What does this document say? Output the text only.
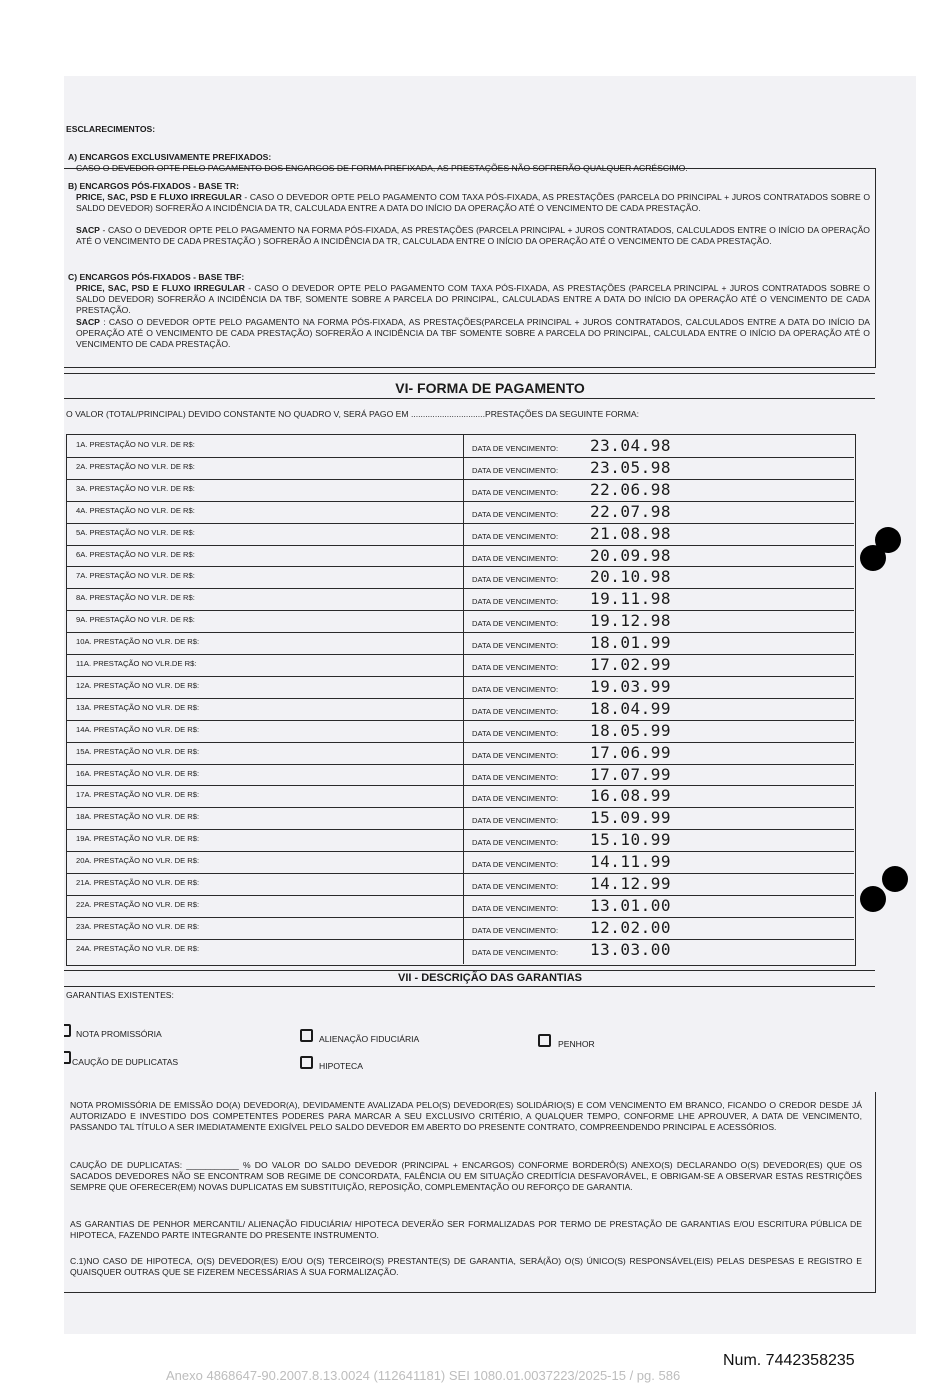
ESCLARECIMENTOS:
A) ENCARGOS EXCLUSIVAMENTE PREFIXADOS:
CASO O DEVEDOR OPTE PELO PAGAMENTO DOS ENCARGOS DE FORMA PREFIXADA, AS PRESTAÇÕES NÃO SOFRERÃO QUALQUER ACRÉSCIMO.
B) ENCARGOS PÓS-FIXADOS - BASE TR:
PRICE, SAC, PSD E FLUXO IRREGULAR - CASO O DEVEDOR OPTE PELO PAGAMENTO COM TAXA PÓS-FIXADA, AS PRESTAÇÕES (PARCELA DO PRINCIPAL + JUROS CONTRATADOS SOBRE O SALDO DEVEDOR) SOFRERÃO A INCIDÊNCIA DA TR, CALCULADA ENTRE A DATA DO INÍCIO DA OPERAÇÃO ATÉ O VENCIMENTO DE CADA PRESTAÇÃO.
SACP - CASO O DEVEDOR OPTE PELO PAGAMENTO NA FORMA PÓS-FIXADA, AS PRESTAÇÕES (PARCELA PRINCIPAL + JUROS CONTRATADOS, CALCULADOS ENTRE O INÍCIO DA OPERAÇÃO ATÉ O VENCIMENTO DE CADA PRESTAÇÃO ) SOFRERÃO A INCIDÊNCIA DA TR, CALCULADA ENTRE O INÍCIO DA OPERAÇÃO ATÉ O VENCIMENTO DE CADA PRESTAÇÃO.
C) ENCARGOS PÓS-FIXADOS - BASE TBF:
PRICE, SAC, PSD E FLUXO IRREGULAR - CASO O DEVEDOR OPTE PELO PAGAMENTO COM TAXA PÓS-FIXADA, AS PRESTAÇÕES (PARCELA PRINCIPAL + JUROS CONTRATADOS SOBRE O SALDO DEVEDOR) SOFRERÃO A INCIDÊNCIA DA TBF, SOMENTE SOBRE A PARCELA DO PRINCIPAL, CALCULADAS ENTRE A DATA DO INÍCIO DA OPERAÇÃO ATÉ O VENCIMENTO DE CADA PRESTAÇÃO.
SACP : CASO O DEVEDOR OPTE PELO PAGAMENTO NA FORMA PÓS-FIXADA, AS PRESTAÇÕES(PARCELA PRINCIPAL + JUROS CONTRATADOS, CALCULADOS ENTRE A DATA DO INÍCIO DA OPERAÇÃO ATÉ O VENCIMENTO DE CADA PRESTAÇÃO) SOFRERÃO A INCIDÊNCIA DA TBF SOMENTE SOBRE A PARCELA DO PRINCIPAL, CALCULADA ENTRE O INÍCIO DA OPERAÇÃO ATÉ O VENCIMENTO DE CADA PRESTAÇÃO.
VI- FORMA DE PAGAMENTO
O VALOR (TOTAL/PRINCIPAL) DEVIDO CONSTANTE NO QUADRO V, SERÁ PAGO EM ...............................PRESTAÇÕES DA SEGUINTE FORMA:
1A. PRESTAÇÃO NO VLR. DE R$:	DATA DE VENCIMENTO: 23.04.98
2A. PRESTAÇÃO NO VLR. DE R$:	DATA DE VENCIMENTO: 23.05.98
3A. PRESTAÇÃO NO VLR. DE R$:	DATA DE VENCIMENTO: 22.06.98
4A. PRESTAÇÃO NO VLR. DE R$:	DATA DE VENCIMENTO: 22.07.98
5A. PRESTAÇÃO NO VLR. DE R$:	DATA DE VENCIMENTO: 21.08.98
6A. PRESTAÇÃO NO VLR. DE R$:	DATA DE VENCIMENTO: 20.09.98
7A. PRESTAÇÃO NO VLR. DE R$:	DATA DE VENCIMENTO: 20.10.98
8A. PRESTAÇÃO NO VLR. DE R$:	DATA DE VENCIMENTO: 19.11.98
9A. PRESTAÇÃO NO VLR. DE R$:	DATA DE VENCIMENTO: 19.12.98
10A. PRESTAÇÃO NO VLR. DE R$:	DATA DE VENCIMENTO: 18.01.99
11A. PRESTAÇÃO NO VLR.DE R$:	DATA DE VENCIMENTO: 17.02.99
12A. PRESTAÇÃO NO VLR. DE R$:	DATA DE VENCIMENTO: 19.03.99
13A. PRESTAÇÃO NO VLR. DE R$:	DATA DE VENCIMENTO: 18.04.99
14A. PRESTAÇÃO NO VLR. DE R$:	DATA DE VENCIMENTO: 18.05.99
15A. PRESTAÇÃO NO VLR. DE R$:	DATA DE VENCIMENTO: 17.06.99
16A. PRESTAÇÃO NO VLR. DE R$:	DATA DE VENCIMENTO: 17.07.99
17A. PRESTAÇÃO NO VLR. DE R$:	DATA DE VENCIMENTO: 16.08.99
18A. PRESTAÇÃO NO VLR. DE R$:	DATA DE VENCIMENTO: 15.09.99
19A. PRESTAÇÃO NO VLR. DE R$:	DATA DE VENCIMENTO: 15.10.99
20A. PRESTAÇÃO NO VLR. DE R$:	DATA DE VENCIMENTO: 14.11.99
21A. PRESTAÇÃO NO VLR. DE R$:	DATA DE VENCIMENTO: 14.12.99
22A. PRESTAÇÃO NO VLR. DE R$:	DATA DE VENCIMENTO: 13.01.00
23A. PRESTAÇÃO NO VLR. DE R$:	DATA DE VENCIMENTO: 12.02.00
24A. PRESTAÇÃO NO VLR. DE R$:	DATA DE VENCIMENTO: 13.03.00
VII - DESCRIÇÃO DAS GARANTIAS
GARANTIAS EXISTENTES:
NOTA PROMISSÓRIA	ALIENAÇÃO FIDUCIÁRIA	PENHOR
CAUÇÃO DE DUPLICATAS	HIPOTECA
NOTA PROMISSÓRIA DE EMISSÃO DO(A) DEVEDOR(A), DEVIDAMENTE AVALIZADA PELO(S) DEVEDOR(ES) SOLIDÁRIO(S) E COM VENCIMENTO EM BRANCO, FICANDO O CREDOR DESDE JÁ AUTORIZADO E INVESTIDO DOS COMPETENTES PODERES PARA MARCAR A SEU EXCLUSIVO CRITÉRIO, A QUALQUER TEMPO, CONFORME LHE APROUVER, A DATA DE VENCIMENTO, PASSANDO TAL TÍTULO A SER IMEDIATAMENTE EXIGÍVEL PELO SALDO DEVEDOR EM ABERTO DO PRESENTE CONTRATO, COMPREENDENDO PRINCIPAL E ACESSÓRIOS.
CAUÇÃO DE DUPLICATAS: ___________ % DO VALOR DO SALDO DEVEDOR (PRINCIPAL + ENCARGOS) CONFORME BORDERÔ(S) ANEXO(S) DECLARANDO O(S) DEVEDOR(ES) QUE OS SACADOS DEVEDORES NÃO SE ENCONTRAM SOB REGIME DE CONCORDATA, FALÊNCIA OU EM SITUAÇÃO CREDITÍCIA DESFAVORÁVEL, E OBRIGAM-SE A OBSERVAR ESTAS RESTRIÇÕES SEMPRE QUE OFERECER(EM) NOVAS DUPLICATAS EM SUBSTITUIÇÃO, REPOSIÇÃO, COMPLEMENTAÇÃO OU REFORÇO DE GARANTIA.
AS GARANTIAS DE PENHOR MERCANTIL/ ALIENAÇÃO FIDUCIÁRIA/ HIPOTECA DEVERÃO SER FORMALIZADAS POR TERMO DE PRESTAÇÃO DE GARANTIAS E/OU ESCRITURA PÚBLICA DE HIPOTECA, FAZENDO PARTE INTEGRANTE DO PRESENTE INSTRUMENTO.
C.1)NO CASO DE HIPOTECA, O(S) DEVEDOR(ES) E/OU O(S) TERCEIRO(S) PRESTANTE(S) DE GARANTIA, SERÁ(ÃO) O(S) ÚNICO(S) RESPONSÁVEL(EIS) PELAS DESPESAS E REGISTRO E QUAISQUER OUTRAS QUE SE FIZEREM NECESSÁRIAS À SUA FORMALIZAÇÃO.
Num. 7442358235
Anexo 4868647-90.2007.8.13.0024 (112641181) SEI 1080.01.0037223/2025-15 / pg. 586
